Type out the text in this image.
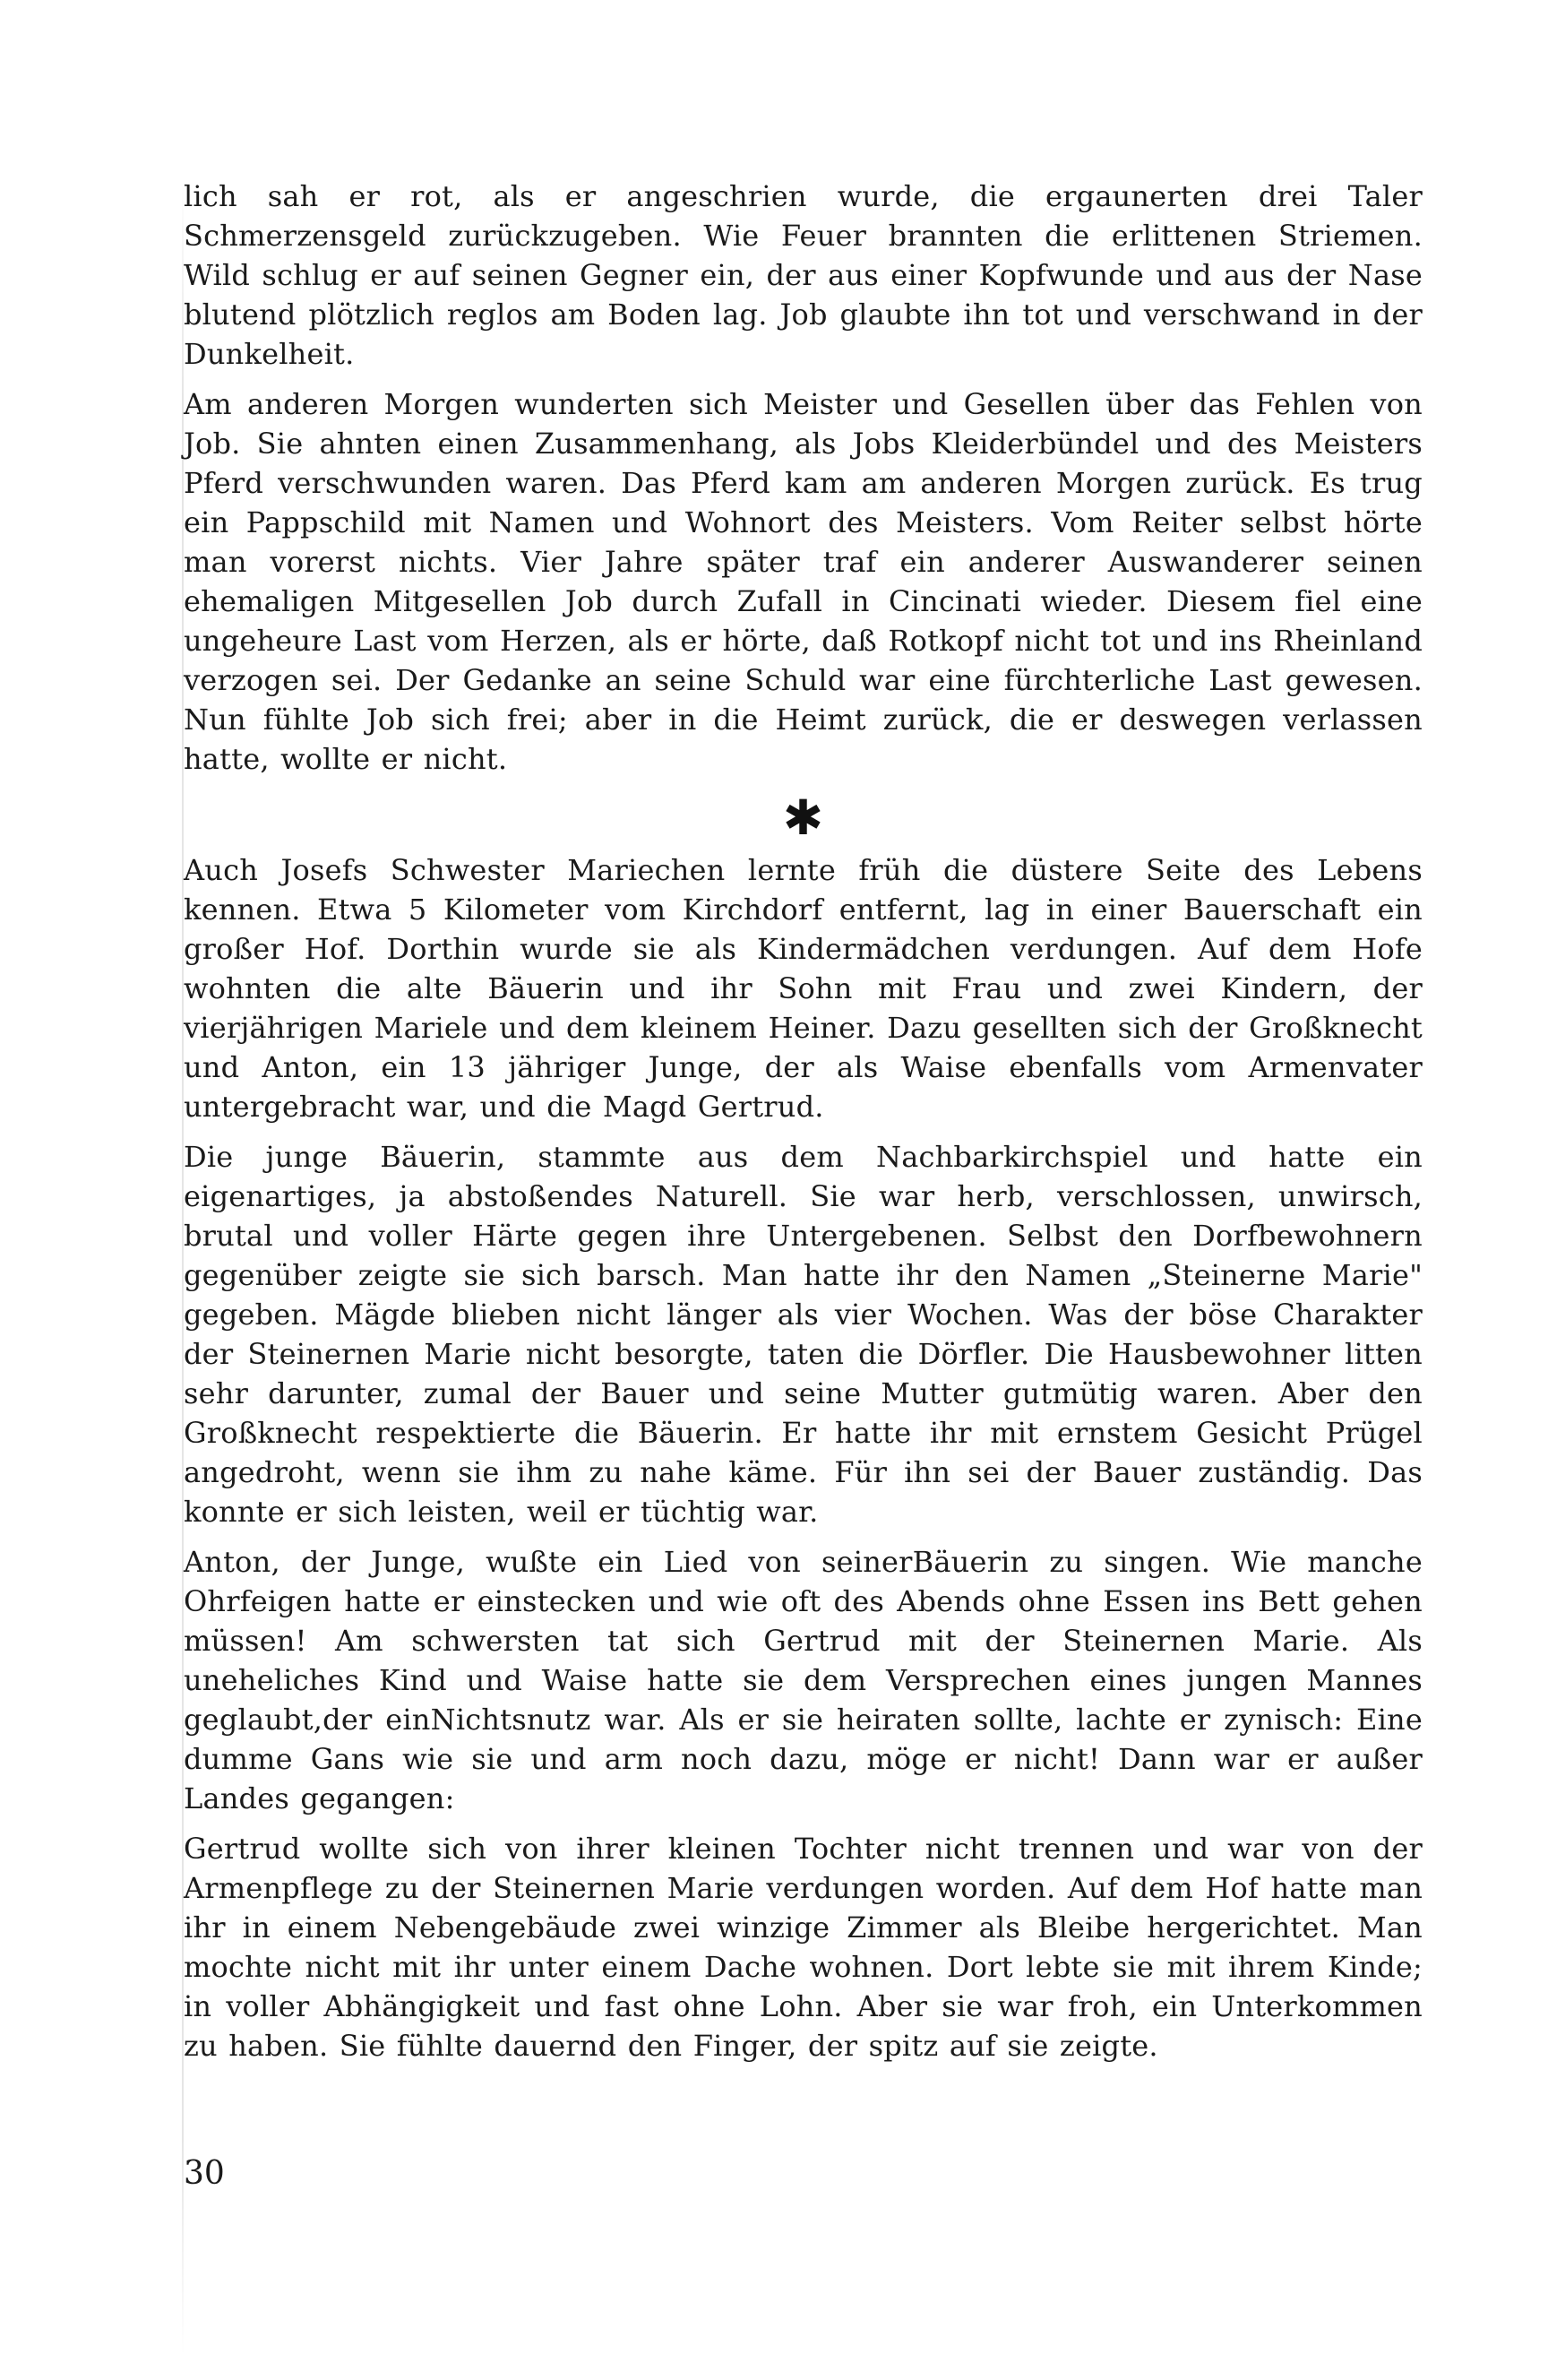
lich sah er rot, als er angeschrien wurde, die ergaunerten drei Taler Schmerzensgeld zurückzugeben. Wie Feuer brannten die erlittenen Striemen. Wild schlug er auf seinen Gegner ein, der aus einer Kopfwunde und aus der Nase blutend plötzlich reglos am Boden lag. Job glaubte ihn tot und verschwand in der Dunkelheit.

Am anderen Morgen wunderten sich Meister und Gesellen über das Fehlen von Job. Sie ahnten einen Zusammenhang, als Jobs Kleiderbündel und des Meisters Pferd verschwunden waren. Das Pferd kam am anderen Morgen zurück. Es trug ein Pappschild mit Namen und Wohnort des Meisters. Vom Reiter selbst hörte man vorerst nichts. Vier Jahre später traf ein anderer Auswanderer seinen ehemaligen Mitgesellen Job durch Zufall in Cincinati wieder. Diesem fiel eine ungeheure Last vom Herzen, als er hörte, daß Rotkopf nicht tot und ins Rheinland verzogen sei. Der Gedanke an seine Schuld war eine fürchterliche Last gewesen. Nun fühlte Job sich frei; aber in die Heimt zurück, die er deswegen verlassen hatte, wollte er nicht.

✱

Auch Josefs Schwester Mariechen lernte früh die düstere Seite des Lebens kennen. Etwa 5 Kilometer vom Kirchdorf entfernt, lag in einer Bauerschaft ein großer Hof. Dorthin wurde sie als Kindermädchen verdungen. Auf dem Hofe wohnten die alte Bäuerin und ihr Sohn mit Frau und zwei Kindern, der vierjährigen Mariele und dem kleinem Heiner. Dazu gesellten sich der Großknecht und Anton, ein 13 jähriger Junge, der als Waise ebenfalls vom Armenvater untergebracht war, und die Magd Gertrud.

Die junge Bäuerin, stammte aus dem Nachbarkirchspiel und hatte ein eigenartiges, ja abstoßendes Naturell. Sie war herb, verschlossen, unwirsch, brutal und voller Härte gegen ihre Untergebenen. Selbst den Dorfbewohnern gegenüber zeigte sie sich barsch. Man hatte ihr den Namen „Steinerne Marie" gegeben. Mägde blieben nicht länger als vier Wochen. Was der böse Charakter der Steinernen Marie nicht besorgte, taten die Dörfler. Die Hausbewohner litten sehr darunter, zumal der Bauer und seine Mutter gutmütig waren. Aber den Großknecht respektierte die Bäuerin. Er hatte ihr mit ernstem Gesicht Prügel angedroht, wenn sie ihm zu nahe käme. Für ihn sei der Bauer zuständig. Das konnte er sich leisten, weil er tüchtig war.

Anton, der Junge, wußte ein Lied von seinerBäuerin zu singen. Wie manche Ohrfeigen hatte er einstecken und wie oft des Abends ohne Essen ins Bett gehen müssen! Am schwersten tat sich Gertrud mit der Steinernen Marie. Als uneheliches Kind und Waise hatte sie dem Versprechen eines jungen Mannes geglaubt,der einNichtsnutz war. Als er sie heiraten sollte, lachte er zynisch: Eine dumme Gans wie sie und arm noch dazu, möge er nicht! Dann war er außer Landes gegangen:

Gertrud wollte sich von ihrer kleinen Tochter nicht trennen und war von der Armenpflege zu der Steinernen Marie verdungen worden. Auf dem Hof hatte man ihr in einem Nebengebäude zwei winzige Zimmer als Bleibe hergerichtet. Man mochte nicht mit ihr unter einem Dache wohnen. Dort lebte sie mit ihrem Kinde; in voller Abhängigkeit und fast ohne Lohn. Aber sie war froh, ein Unterkommen zu haben. Sie fühlte dauernd den Finger, der spitz auf sie zeigte.

30
